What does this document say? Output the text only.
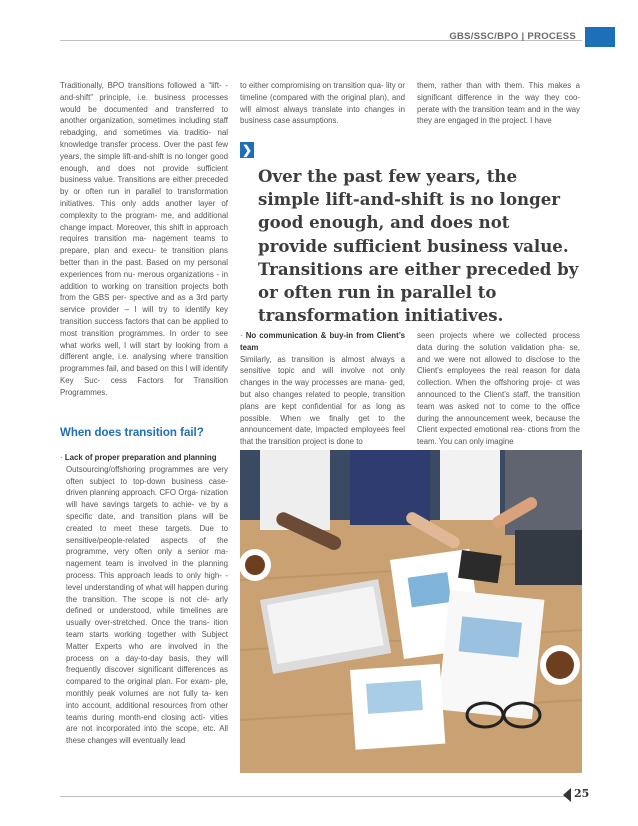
GBS/SSC/BPO | PROCESS

Traditionally, BPO transitions followed a “lift- -and-shift” principle, i.e. business processes would be documented and transferred to another organization, sometimes including staff rebadging, and sometimes via traditio- nal knowledge transfer process. Over the past few years, the simple lift-and-shift is no longer good enough, and does not provide sufficient business value. Transitions are either preceded by or often run in parallel to transformation initiatives. This only adds another layer of complexity to the program- me, and additional change impact. Moreover, this shift in approach requires transition ma- nagement teams to prepare, plan and execu- te transition plans better than in the past. Based on my personal experiences from nu- merous organizations - in addition to working on transition projects both from the GBS per- spective and as a 3rd party service provider – I will try to identify key transition success factors that can be applied to most transition programmes. In order to see what works well, I will start by looking from a different angle, i.e. analysing where transition programmes fail, and based on this I will identify Key Suc- cess Factors for Transition Programmes.

to either compromising on transition qua- lity or timeline (compared with the original plan), and will almost always translate into changes in business case assumptions.

them, rather than with them. This makes a significant difference in the way they coo- perate with the transition team and in the way they are engaged in the project. I have

❯
Over the past few years, the simple lift-and-shift is no longer good enough, and does not provide sufficient business value. Transitions are either preceded by or often run in parallel to transformation initiatives.
When does transition fail?
· Lack of proper preparation and planning
Outsourcing/offshoring programmes are very often subject to top-down business case-driven planning approach. CFO Orga- nization will have savings targets to achie- ve by a specific date, and transition plans will be created to meet these targets. Due to sensitive/people-related aspects of the programme, very often only a senior ma- nagement team is involved in the planning process. This approach leads to only high- -level understanding of what will happen during the transition. The scope is not cle- arly defined or understood, while timelines are usually over-stretched. Once the trans- ition team starts working together with Subject Matter Experts who are involved in the process on a day-to-day basis, they will frequently discover significant differences as compared to the original plan. For exam- ple, monthly peak volumes are not fully ta- ken into account, additional resources from other teams during month-end closing acti- vities are not incorporated into the scope, etc. All these changes will eventually lead
· No communication & buy-in from Client’s team
Similarly, as transition is almost always a sensitive topic and will involve not only changes in the way processes are mana- ged, but also changes related to people, transition plans are kept confidential for as long as possible. When we finally get to the announcement date, impacted employees feel that the transition project is done to

seen projects where we collected process data during the solution validation pha- se, and we were not allowed to disclose to the Client’s employees the real reason for data collection. When the offshoring proje- ct was announced to the Client’s staff, the transition team was asked not to come to the office during the announcement week, because the Client expected emotional rea- ctions from the team. You can only imagine

25
